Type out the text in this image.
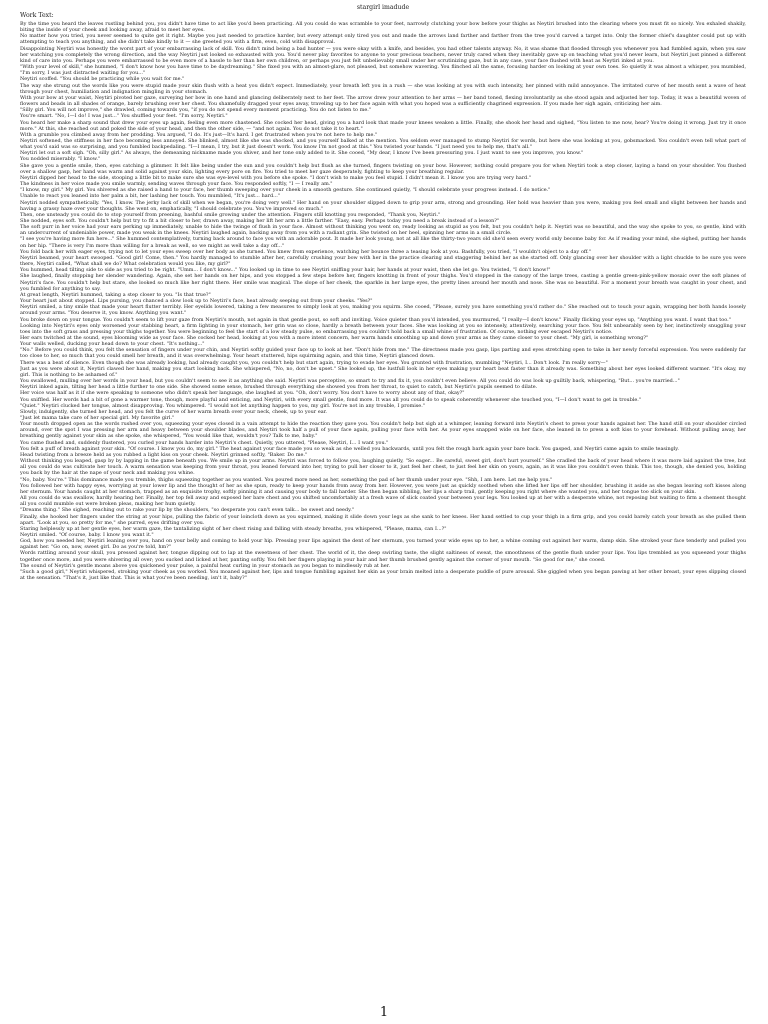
stargirl imadude
Work Text:

By the time you heard the leaves rustling behind you, you didn't have time to act like you'd been practicing. All you could do was scramble to your feet, narrowly clutching your bow before your thighs as Neytiri brushed into the clearing where you must fit so nicely. You exhaled shakily, biting the inside of your cheek and looking away, afraid to meet her eyes.

No matter how you tried, you never seemed to quite get it right. Maybe you just needed to practice harder, but every attempt only tired you out and made the arrows land farther and farther from the tree you'd carved a target into. Only the former chief's daughter could put up with attempting to teach you anything, and she didn't take kindly to it — she greeted you with a firm, even, cold with disapproval.

Disappointing Neytiri was honestly the worst part of your embarrassing lack of skill. You didn't mind being a bad hunter — you were okay with a knife, and besides, you had other talents anyway. No, it was shame that flooded through you whenever you had fumbled again, when you saw her watching you completely the wrong direction, and the way Neytiri just looked so exhausted with you. You'd never play favorites to anyone to your precious teachers, never truly cared when they inevitably gave up on teaching what you'd never learn, but Neytiri just pinned a different kind of care into you. Perhaps you were embarrassed to be even more of a hassle to her than her own children, or perhaps you just felt unbelievably small under her scrutinizing gaze, but in any case, your face flushed with heat as Neytiri inked at you.

"With your level of skill," she hummed, "I don't know how you have time to be daydreaming." She fixed you with an almost-glare, not pleased, but somehow wavering. You flinched all the same, focusing harder on looking at your own toes. So quietly it was almost a whisper, you mumbled, "I'm sorry, I was just distracted waiting for you..."

Neytiri scoffed. "You should be practicing while you wait for me."

The way she strung out the words like you were stupid made your skin flush with a heat you didn't expect. Immediately, your breath left you in a rush — she was looking at you with such intensity, her pinned with mild annoyance. The irritated curve of her mouth sent a wave of heat through your chest, humiliation and indignation mingling in your stomach.

With your bow at your waist, Neytiri pivoted her gaze, surveying her bow in one hand and glancing deliberately next to her feet. The arrow drew your attention to her arms — her band toned, flexing involuntarily as she stood again and adjusted her top. Today, it was a beautiful woven of flowers and beads in all shades of orange, barely brushing over her chest. You shamefully dragged your eyes away, traveling up to her face again with what you hoped was a sufficiently chagrined expression. If you made her sigh again, criticizing her aim.

"Silly girl. You will not improve," she drawled, coming towards you, "if you do not spend every moment practicing. You do not listen to me."

You're smart. "No, I—I do! I was just..." You shuffled your feet. "I'm sorry, Neytiri."

You heard her make a sharp sound that drew your eyes up again, feeling even more chastened. She cocked her head, giving you a hard look that made your knees weaken a little. Finally, she shook her head and sighed, "You listen to me now, hear? You're doing it wrong. Just try it once more." At this, she reached out and poked the side of your head, and then the other side, — "and not again. You do not take it to heart."

With a grumble you climbed away from her prodding. You argued, "I do. It's just—It's hard. I get frustrated when you're not here to help me."

Neytiri softened, the stiffness in her face becoming less annoyed. She blinked, almost like she was shocked, and you yourself balked at the mention. You seldom ever managed to stump Neytiri for words, but here she was looking at you, gobsmacked. You couldn't even tell what part of what you'd said was so surprising, and you fumbled backpedaling. "I—I mean, I try, but it just doesn't work. You know I'm not good at this." You twisted your hands. "I just need you to help me, that's all."

Neytiri let out a soft sigh. "Oh, silly girl." As always, the demeaning nickname made you shiver, and her tone only added to it. She cooed, "My dear, I know I've been pressuring you. I just want to see you improve, you know."

You nodded miserably. "I know."

She gave you a gentle smile, then, eyes catching a glimmer. It felt like being under the sun and you couldn't help but flush as she turned, fingers twisting on your bow. However, nothing could prepare you for when Neytiri took a step closer, laying a hand on your shoulder. You flushed over a shallow gasp, her hand was warm and solid against your skin, lighting every pore on fire. You tried to meet her gaze desperately, fighting to keep your breathing regular.

Neytiri dipped her head to the side, stooping a little bit to make sure she was eye-level with you before she spoke. "I don't wish to make you feel stupid. I didn't mean it. I know you are trying very hard."

The kindness in her voice made you smile warmly, sending waves through your face. You responded softly, "I — I really am."

"I know, my girl." My girl. You shivered as she raised a hand to your face, her thumb sweeping over your cheek in a smooth gesture. She continued quietly, "I should celebrate your progress instead. I do notice."

Unable to react you leaned into her palm a bit, her lashing her touch. You mumbled, "It's just... hard..."

Neytiri nodded sympathetically. "Yes, I know. The jerky lack of skill when we began, you're doing very well." Her hand on your shoulder slipped down to grip your arm, strong and grounding. Her hold was heavier than you were, making you feel small and slight between her hands and having a grassy haze over your thoughts. She went on, emphatically, "I should celebrate you. You've improved so much."

Then, one unsteady you could do to stop yourself from preening, bashful smile growing under the attention. Fingers still knotting you responded, "Thank you, Neytiri."

She nodded, eyes soft. You couldn't help but try to fit a bit closer to her, drawn away, making her lift her arm a little farther. "Easy, easy. Perhaps today you need a break instead of a lesson?"

The soft purr in her voice had your ears perking up immediately, unable to hide the twinge of flush in your face. Almost without thinking you went on, ready looking as stupid as you felt, but you couldn't help it. Neytiri was so beautiful, and the way she spoke to you, so gentle, kind with an undercurrent of undeniable power, made you weak in the knees. Neytiri laughed again, backing away from you with a radiant grin. She twisted on her heel, spinning her arms in a small circle.

"I see you're having more fun here..." She hummed contemplatively, turning back around to face you with an adorable pout. It made her look young, not at all like the thirty-two years old she'd seen every world only become baby for. As if reading your mind, she sighed, putting her hands on her hip. "There is very I'm more than willing for a break as well, so we might as well take a day off..."

You fold back her with eager eyes, trying not to let your eyes sweep over her body as she turned. You knew from experience, watching her bounce three a teasing look at you. Bashfully, you tried, "I wouldn't object to a day off."

Neytiri beamed, your heart swooped. "Good girl! Come, then." You hardly managed to stumble after her, carefully crushing your bow with her in the practice clearing and staggering behind her as she started off. Only glancing over her shoulder with a light chuckle to be sure you were there, Neytiri called, "What shall we do? What celebration would you like, my girl?"

You hummed, head tilting side to side as you tried to be right. "Umm... I don't know..." You looked up in time to see Neytiri sniffing your hair, her hands at your waist, then she let go. You twisted, "I don't know!"

She laughed, finally stopping her slender wandering. Again, she set her hands on her hips, and you stopped a few steps before her, fingers knotting in front of your thighs. You'd stopped in the canopy of the large trees, casting a gentle green-pink-yellow mosaic over the soft planes of Neytiri's face. You couldn't help but stare, she looked so much like her right there. Her smile was magical. The slope of her cheek, the sparkle in her large eyes, the pretty lines around her mouth and nose. She was so beautiful. For a moment your breath was caught in your chest, and you fumbled for anything to say.

At great length, Neytiri hummed, taking a step closer to you. "Is that true?"

Your heart just about stopped. Lips pursing, you chanced a slow look up to Neytiri's face, heat already seeping out from your cheeks. "Yes?"

Neytiri smiled, a tiny smile that made your heart flutter terribly. Her eyelids lowered, taking a few measures to simply look at you, making you squirm. She cooed, "Please, surely you have something you'd rather do." She reached out to touch your again, wrapping her both hands loosely around your arms. "You deserve it, you know. Anything you want."

You broke down on your tongue. You couldn't seem to lift your gaze from Neytiri's mouth, not again in that gentle pout, so soft and inviting. Voice quieter than you'd intended, you murmured, "I really—I don't know." Finally flicking your eyes up, "Anything you want. I want that too."

Looking into Neytiri's eyes only worsened your stabbing heart, a firm lighting in your stomach, her grin was so close, hardly a breath between your faces. She was looking at you so intensely, attentively, searching your face. You felt unbearably seen by her, instinctively snuggling your toes into the soft grass and pressing your thighs together. You were beginning to feel the start of a low steady pulse, so embarrassing you couldn't hold back a small whine of frustration. Of course, nothing ever escaped Neytiri's notice.

Her ears twitched at the sound, eyes blooming wide as your face. She cocked her head, looking at you with a more intent concern, her warm hands smoothing up and down your arms as they came closer to your chest. "My girl, is something wrong?"

Your walls welled, ducking your head down to your chest. "It's nothing..."

"No." Before you could think, you felt the sensation of fingers under your chin, and Neytiri softly guided your face up to look at her. "Don't hide from me." The directness made you gasp, lips parting and eyes stretching open to take in her newly forceful expression. You were suddenly far too close to her, so much that you could smell her breath, and it was overwhelming. Your heart stuttered, hips squirming again, and this time, Neytiri glanced down.

There was a beat of silence. Even though she was already looking, had already caught you, you couldn't help but start again, trying to evade her eyes. You grunted with frustration, mumbling "Neytiri, I... Don't look. I'm really sorry—"

Just as you were about it, Neytiri clawed her hand, making you start looking back. She whispered, "No, no, don't be upset." She looked up, the lustfull look in her eyes making your heart beat faster than it already was. Something about her eyes looked different warmer. "It's okay, my girl. This is nothing to be ashamed of."

You swallowed, mulling over her words in your head, but you couldn't seem to see it as anything she said. Neytiri was perceptive, so smart to try and fix it, you couldn't even believe. All you could do was look up guiltily back, whispering, "But... you're married..."

Neytiri inked again, tilting her head a little further to one side. She showed some sense, brushed through everything she showed you from her throat, to quiet to catch, but Neytiri's pupils seemed to dilate.

Her voice was half as it if she were speaking to someone who didn't speak her language, she laughed at you. "Oh, don't worry. You don't have to worry about any of that, okay?"

You sniffled. Her words had a bit of gone a warmer tone, though, more playful and enticing, and Neytiri, with every small gentle, fond more. It was all you could do to speak coherently whenever she touched you, "I—I don't want to get in trouble."

"Quiet." Neytiri clucked her tongue, almost disapproving. You whimpered. "I would not let anything happen to you, my girl. You're not in any trouble, I promise."

Slowly, indulgently, she turned her head, and you felt the curve of her warm breath over your neck, cheek, up to your ear.

"Just let mama take care of her special girl. My favorite girl."

Your mouth dropped open as the words rushed over you, squeezing your eyes closed in a vain attempt to hide the reaction they gave you. You couldn't help but sigh at a whimper, leaning forward into Neytiri's chest to press your hands against her. The hand still on your shoulder circled around, over the spot I was pressing her arm and heavy between your shoulder blades, and Neytiri took half a pull of your face again, pulling your face with her. As your eyes snapped wide on her face, she leaned in to press a soft kiss to your forehead. Without pulling away, her breathing gently against your skin as she spoke, she whispered, "You would like that, wouldn't you? Talk to me, baby."

You came flushed and, suddenly flustered, you curled your hands harder into Neytiri's chest. Quietly, you uttered, "Please, Neytiri, I... I want you."

You felt a puff of breath against your skin. "Of course. I know you do, my girl." The heat against your face made you so weak as she welled you backwards, until you felt the rough bark again your bare back. You gasped, and Neytiri came again to smile teasingly.

Head twisting from a breeze held as you rubbed a light kiss on your cheek. Neytiri grinned softly, "Baker. Do me."

Without thinking you leaped, gasp by by lapping in the game beneath you. We smile up in your arms. Neytiri was forced to follow you, laughing quietly, "So eager... Be careful, sweet girl, don't hurt yourself." She cradled the back of your head where it was more laid against the tree, but all you could do was cultivate her touch. A warm sensation was keeping from your throat, you leaned forward into her, trying to pull her closer to it, just feel her chest, to just feel her skin on yours, again, as it was like you couldn't even think. This too, though, she denied you, holding you back by the hair at the nape of your neck and making you whine.

"No, baby. You're." This dominance made you tremble, thighs squeezing together as you wanted. You poured more need as her, something the pad of her thumb under your eye. "Shh, I am here. Let me help you."

You followed her with happy eyes, worrying at your lower lip and the thought of her as she spun, ready to keep your hands from away from her. However, you were just as quickly soothed when she lifted her lips off her shoulder, brushing it aside as she began leaving soft kisses along her sternum. Your hands caught at her stomach, trapped as an exquisite trophy, softly pinning it and causing your body to fall harder. She then began nibbling, her lips a sharp trail, gently keeping you right where she wanted you, and her tongue too slick on your skin.

All you could do was swallow, hardly hearing her. Finally, her top fell away and exposed her bare chest and you shifted uncomfortably at a fresh wave of slick coated your between your legs. You looked up at her with a desperate whine, not reposing but waiting to firm a chement thought all you could mumble out were broken pleas, making her hum quietly.

"Dreams thing." She sighed, reaching out to rake your lip by the shoulders, "so desperate you can't even talk... be sweet and needy."

Finally, she hooked her fingers under the string at your hips, pulling the fabric of your loincloth down as you squirmed, making it slide down your legs as she sank to her knees. Her hand settled to cup your thigh in a firm grip, and you could barely catch your breath as she pulled them apart. "Look at you, so pretty for me," she purred, eyes drifting over you.

Staring helplessly up at her gentle eyes, her warm gaze, the tantalizing sight of her chest rising and falling with steady breaths, you whispered, "Please, mama, can I...?"

Neytiri smiled. "Of course, baby. I know you want it."

God, how you needed her, Neytiri leaning over you, hand on your belly and coming to hold your hip. Pressing your lips against the dent of her sternum, you turned your wide eyes up to her, a whine coming out against her warm, damp skin. She stroked your face tenderly and pulled you against her. "Go on, now, sweet girl. Do as you're told, hm?"

Words rattling around your skull, you pressed against her, tongue dipping out to lap at the sweetness of her chest. The world of it, the deep swirling taste, the slight saltiness of sweat, the smoothness of the gentle flush under your lips. You lips trembled as you squeezed your thighs together once more, and you were shivering all over; you sucked and licked at her, panting softly. You felt her fingers playing in your hair and her thumb brushed gently against the corner of your mouth. "So good for me," she cooed.

The sound of Neytiri's gentle moans above you quickened your pulse, a painful heat curling in your stomach as you began to mindlessly rub at her.

"Such a good girl," Neytiri whispered, stroking your cheek as you worked. You moaned against her, lips and tongue fumbling against her skin as your brain melted into a desperate puddle of pure arousal. She giggled when you began pawing at her other breast, your eyes slipping closed at the sensation. "That's it, just like that. This is what you've been needing, isn't it, baby?"

1
